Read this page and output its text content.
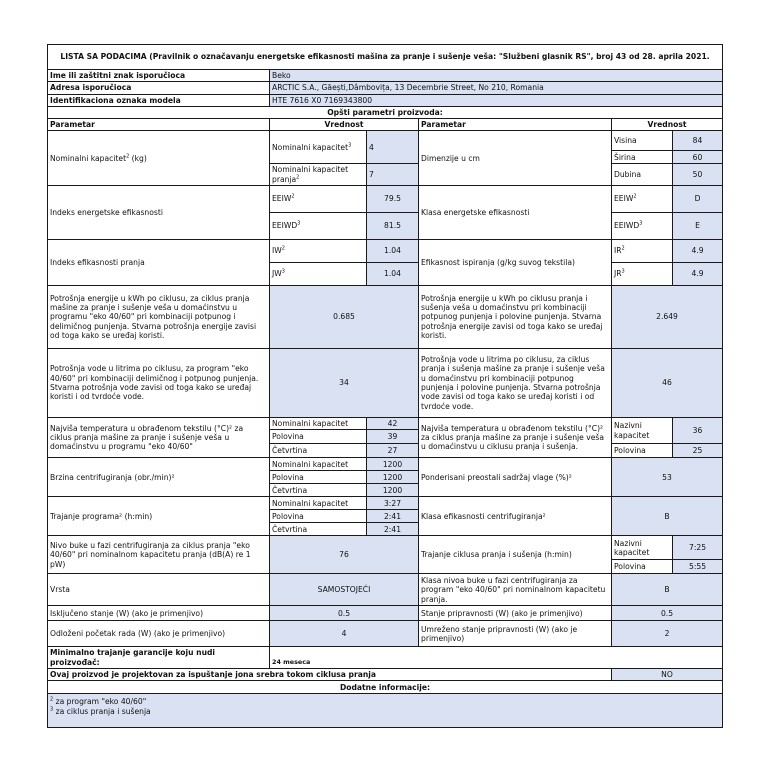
LISTA SA PODACIMA (Pravilnik o označavanju energetske efikasnosti mašina za pranje i sušenje veša: "Službeni glasnik RS", broj 43 od 28. aprila 2021.					
Ime ili zaštitni znak isporučioca	Beko				
Adresa isporučioca	ARCTIC S.A., Găești,Dâmbovița, 13 Decembrie Street, No 210, Romania				
Identifikaciona oznaka modela	HTE 7616 X0 7169343800				
Opšti parametri proizvoda:					
Parametar	Vrednost		Parametar	Vrednost	
Nominalni kapacitet$^2$ (kg)	Nominalni kapacitet$^3$	4	Dimenzije u cm	Visina	84
				Širina	60
	Nominalni kapacitet pranja$^2$	7		Dubina	50
Indeks energetske efikasnosti	EEIW$^2$	79.5	Klasa energetske efikasnosti	EEIW$^2$	D
	EEIWD$^3$	81.5		EEIWD$^3$	E
Indeks efikasnosti pranja	$IW^2$	1.04	Efikasnost ispiranja (g/kg suvog tekstila)	$IR^2$	4.9
	$JW^3$	1.04		$JR^3$	4.9
Potrošnja energije u kWh po ciklusu, za ciklus pranja mašine za pranje i sušenje veša u domaćinstvu u programu "eko 40/60" pri kombinaciji potpunog i delimičnog punjenja. Stvarna potrošnja energije zavisi od toga kako se uređaj koristi.	0.685		Potrošnja energije u kWh po ciklusu pranja i sušenja veša u domaćinstvu pri kombinaciji potpunog punjenja i polovine punjenja. Stvarna potrošnja energije zavisi od toga kako se uređaj koristi.	2.649	
Potrošnja vode u litrima po ciklusu, za program "eko 40/60" pri kombinaciji delimičnog i potpunog punjenja. Stvarna potrošnja vode zavisi od toga kako se uređaj koristi i od tvrdoće vode.	34		Potrošnja vode u litrima po ciklusu, za ciklus pranja i sušenja mašine za pranje i sušenje veša u domaćinstvu pri kombinaciji potpunog punjenja i polovine punjenja. Stvarna potrošnja vode zavisi od toga kako se uređaj koristi i od tvrdoće vode.	46	
Najviša temperatura u obrađenom tekstilu (°C)² za ciklus pranja mašine za pranje i sušenje veša u domaćinstvu u programu "eko 40/60"	Nominalni kapacitet	42	Najviša temperatura u obrađenom tekstilu (°C)² za ciklus pranja mašine za pranje i sušenje veša u domaćinstvu u ciklusu pranja i sušenja.	Nazivni kapacitet	36
	Polovina	39			
	Četvrtina	27		Polovina	25
Brzina centrifugiranja (obr./min)²	Nominalni kapacitet	1200	Ponderisani preostali sadržaj vlage (%)²	53	
	Polovina	1200			
	Četvrtina	1200			
Trajanje programa² (h:min)	Nominalni kapacitet	3:27	Klasa efikasnosti centrifugiranja²	B	
	Polovina	2:41			
	Četvrtina	2:41			
Nivo buke u fazi centrifugiranja za ciklus pranja "eko 40/60" pri nominalnom kapacitetu pranja (dB(A) re 1 pW)	76		Trajanje ciklusa pranja i sušenja (h:min)	Nazivni kapacitet	7:25
				Polovina	5:55
Vrsta	SAMOSTOJEĆI		Klasa nivoa buke u fazi centrifugiranja za program "eko 40/60" pri nominalnom kapacitetu pranja.	B	
Isključeno stanje (W) (ako je primenjivo)	0.5		Stanje pripravnosti (W) (ako je primenjivo)	0.5	
Odloženi početak rada (W) (ako je primenjivo)	4		Umreženo stanje pripravnosti (W) (ako je primenjivo)	2	
Minimalno trajanje garancije koju nudi proizvođač:	24 meseca				
Ovaj proizvod je projektovan za ispuštanje jona srebra tokom ciklusa pranja				NO	
Dodatne informacije:					

$^2$ za program "eko 40/60"
$^3$ za ciklus pranja i sušenja					
